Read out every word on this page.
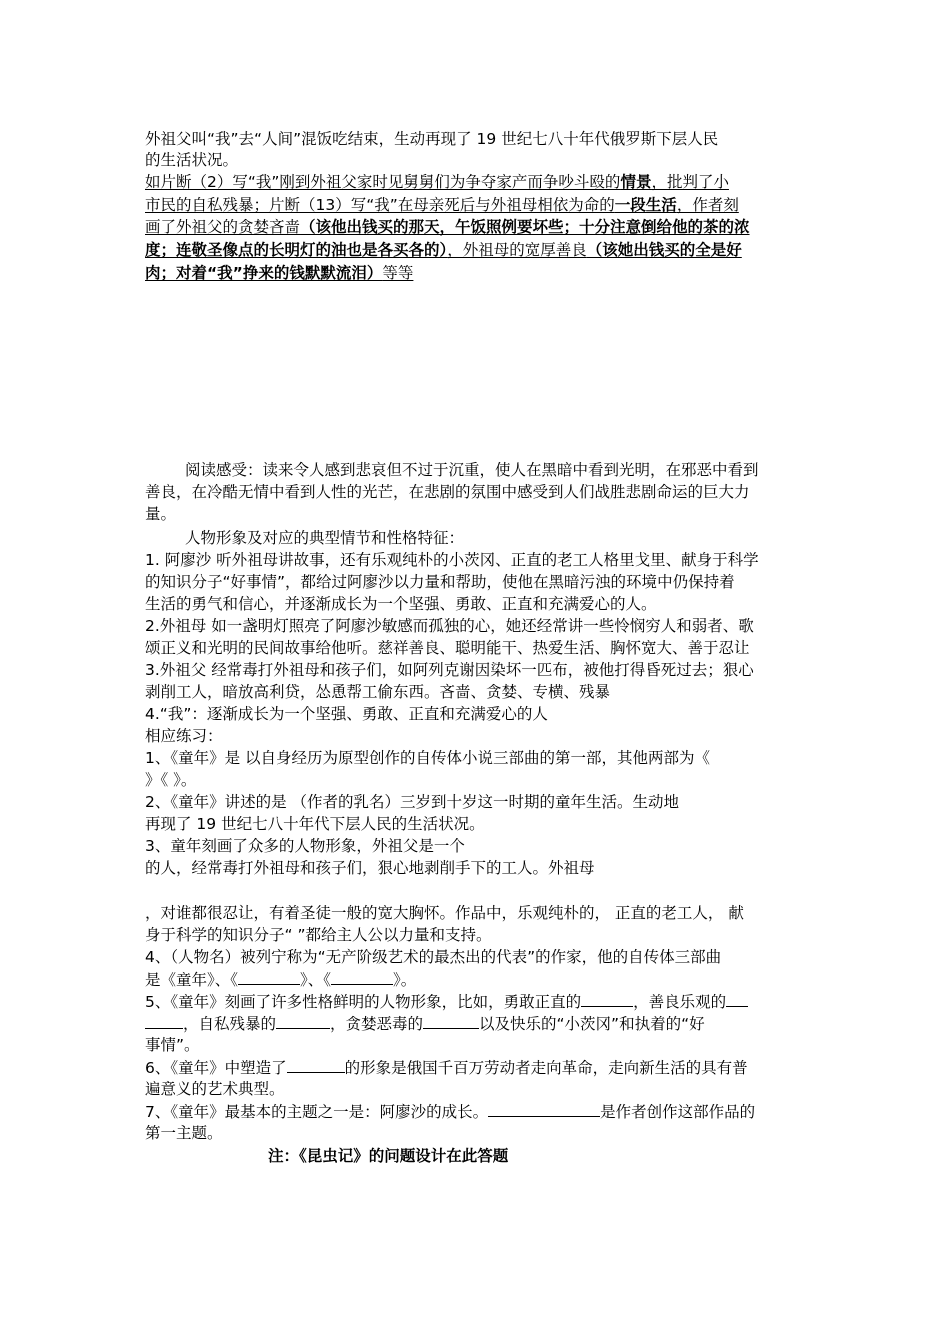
外祖父叫“我”去“人间”混饭吃结束，生动再现了 19 世纪七八十年代俄罗斯下层人民
的生活状况。
如片断（2）写“我”刚到外祖父家时见舅舅们为争夺家产而争吵斗殴的情景，批判了小
市民的自私残暴；片断（13）写“我”在母亲死后与外祖母相依为命的一段生活，作者刻
画了外祖父的贪婪吝啬（该他出钱买的那天，午饭照例要坏些；十分注意倒给他的茶的浓
度；连敬圣像点的长明灯的油也是各买各的），外祖母的宽厚善良（该她出钱买的全是好
肉；对着“我”挣来的钱默默流泪）等等
阅读感受：读来令人感到悲哀但不过于沉重，使人在黑暗中看到光明，在邪恶中看到
善良，在冷酷无情中看到人性的光芒，在悲剧的氛围中感受到人们战胜悲剧命运的巨大力
量。
人物形象及对应的典型情节和性格特征：
1. 阿廖沙 听外祖母讲故事，还有乐观纯朴的小茨冈、正直的老工人格里戈里、献身于科学
的知识分子“好事情”，都给过阿廖沙以力量和帮助，使他在黑暗污浊的环境中仍保持着
生活的勇气和信心，并逐渐成长为一个坚强、勇敢、正直和充满爱心的人。
2.外祖母 如一盏明灯照亮了阿廖沙敏感而孤独的心，她还经常讲一些怜悯穷人和弱者、歌
颂正义和光明的民间故事给他听。慈祥善良、聪明能干、热爱生活、胸怀宽大、善于忍让
3.外祖父 经常毒打外祖母和孩子们，如阿列克谢因染坏一匹布，被他打得昏死过去；狠心
剥削工人，暗放高利贷，怂恿帮工偷东西。吝啬、贪婪、专横、残暴
4.“我”：逐渐成长为一个坚强、勇敢、正直和充满爱心的人
相应练习：
1、《童年》是 以自身经历为原型创作的自传体小说三部曲的第一部，其他两部为《
》《 》。
2、《童年》讲述的是 （作者的乳名）三岁到十岁这一时期的童年生活。生动地
再现了 19 世纪七八十年代下层人民的生活状况。
3、童年刻画了众多的人物形象，外祖父是一个
的人，经常毒打外祖母和孩子们，狠心地剥削手下的工人。外祖母
，对谁都很忍让，有着圣徒一般的宽大胸怀。作品中，乐观纯朴的， 正直的老工人， 献
身于科学的知识分子“ ”都给主人公以力量和支持。
4、（人物名）被列宁称为“无产阶级艺术的最杰出的代表”的作家，他的自传体三部曲
是《童年》、《	》、《	》。
5、《童年》刻画了许多性格鲜明的人物形象，比如，勇敢正直的	，善良乐观的
，自私残暴的	，贪婪恶毒的	以及快乐的“小茨冈”和执着的“好
事情”。
6、《童年》中塑造了	的形象是俄国千百万劳动者走向革命，走向新生活的具有普
遍意义的艺术典型。
7、《童年》最基本的主题之一是：阿廖沙的成长。	是作者创作这部作品的
第一主题。
注：《昆虫记》的问题设计在此答题
